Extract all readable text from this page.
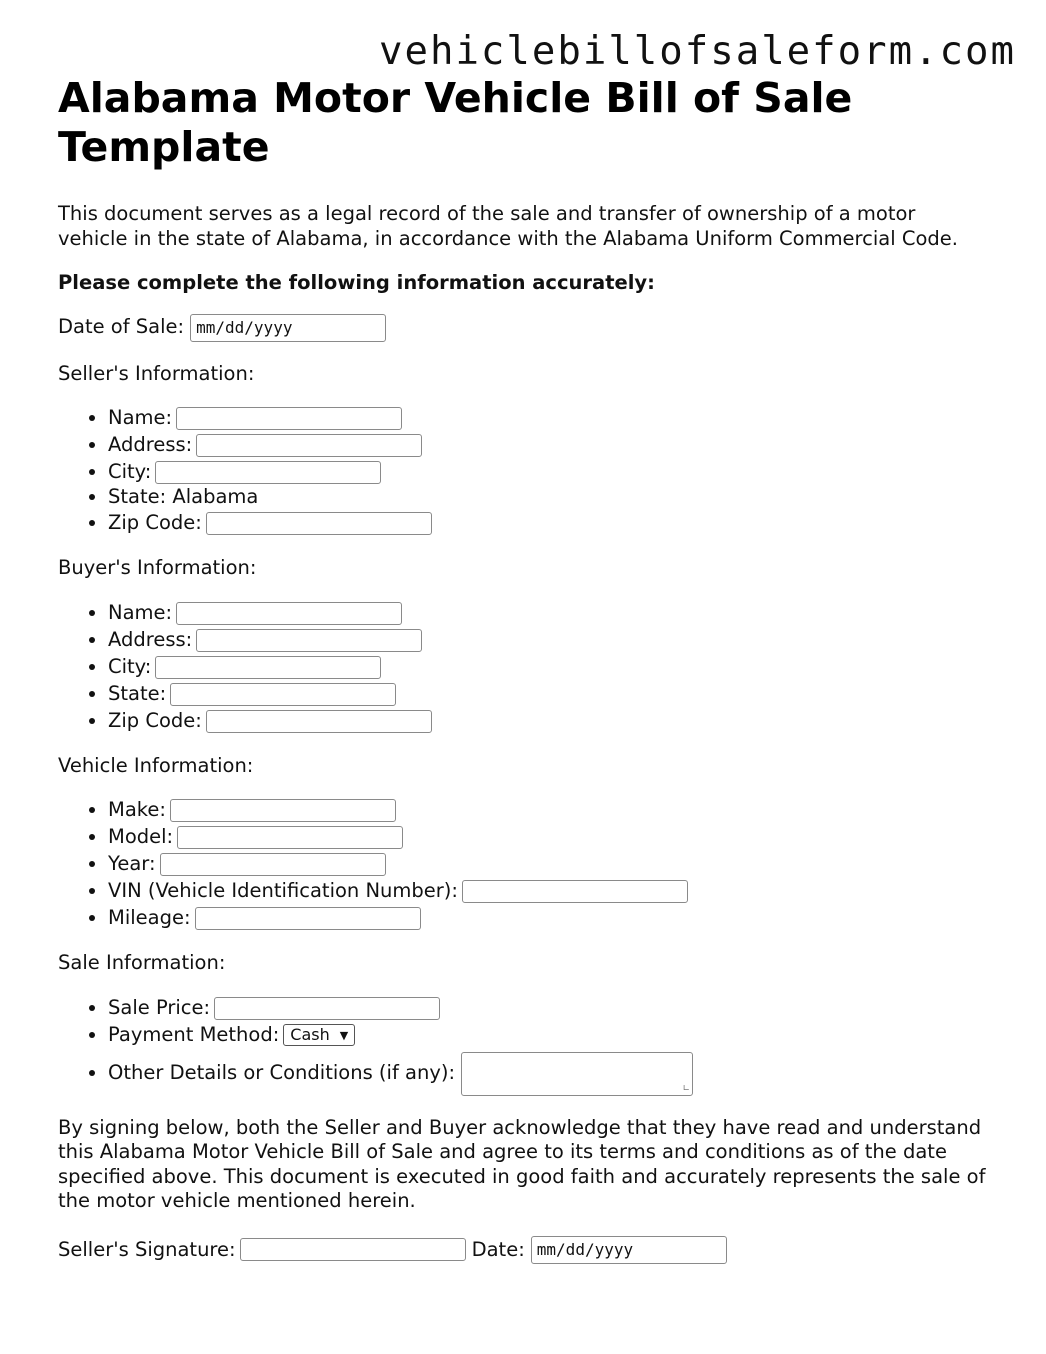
vehiclebillofsaleform.com
Alabama Motor Vehicle Bill of Sale Template

This document serves as a legal record of the sale and transfer of ownership of a motor vehicle in the state of Alabama, in accordance with the Alabama Uniform Commercial Code.

Please complete the following information accurately:

Date of Sale: mm/dd/yyyy

Seller's Information:

• Name:
• Address:
• City:
• State: Alabama
• Zip Code:

Buyer's Information:

• Name:
• Address:
• City:
• State:
• Zip Code:

Vehicle Information:

• Make:
• Model:
• Year:
• VIN (Vehicle Identification Number):
• Mileage:

Sale Information:

• Sale Price:
• Payment Method: Cash ▼
• Other Details or Conditions (if any):
∟

By signing below, both the Seller and Buyer acknowledge that they have read and understand this Alabama Motor Vehicle Bill of Sale and agree to its terms and conditions as of the date specified above. This document is executed in good faith and accurately represents the sale of the motor vehicle mentioned herein.

Seller's Signature:	Date: mm/dd/yyyy
